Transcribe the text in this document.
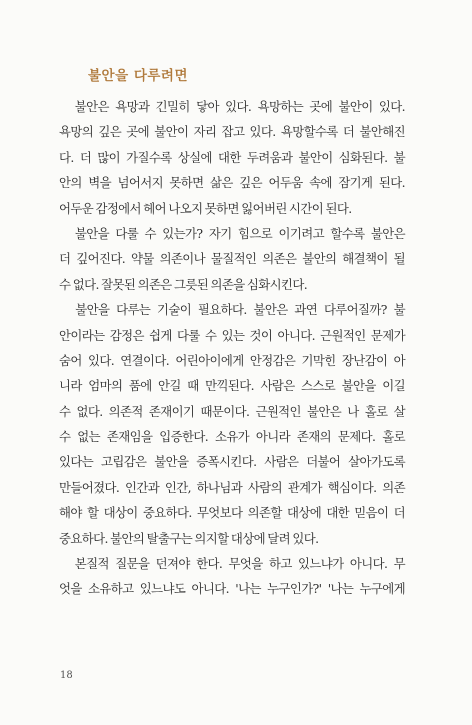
불안을 다루려면
　불안은 욕망과 긴밀히 닿아 있다. 욕망하는 곳에 불안이 있다.
욕망의 깊은 곳에 불안이 자리 잡고 있다. 욕망할수록 더 불안해진
다. 더 많이 가질수록 상실에 대한 두려움과 불안이 심화된다. 불
안의 벽을 넘어서지 못하면 삶은 깊은 어두움 속에 잠기게 된다.
어두운 감정에서 헤어 나오지 못하면 잃어버린 시간이 된다.
　불안을 다룰 수 있는가? 자기 힘으로 이기려고 할수록 불안은
더 깊어진다. 약물 의존이나 물질적인 의존은 불안의 해결책이 될
수 없다. 잘못된 의존은 그릇된 의존을 심화시킨다.
　불안을 다루는 기술이 필요하다. 불안은 과연 다루어질까? 불
안이라는 감정은 쉽게 다룰 수 있는 것이 아니다. 근원적인 문제가
숨어 있다. 연결이다. 어린아이에게 안정감은 기막힌 장난감이 아
니라 엄마의 품에 안길 때 만끽된다. 사람은 스스로 불안을 이길
수 없다. 의존적 존재이기 때문이다. 근원적인 불안은 나 홀로 살
수 없는 존재임을 입증한다. 소유가 아니라 존재의 문제다. 홀로
있다는 고립감은 불안을 증폭시킨다. 사람은 더불어 살아가도록
만들어졌다. 인간과 인간, 하나님과 사람의 관계가 핵심이다. 의존
해야 할 대상이 중요하다. 무엇보다 의존할 대상에 대한 믿음이 더
중요하다. 불안의 탈출구는 의지할 대상에 달려 있다.
　본질적 질문을 던져야 한다. 무엇을 하고 있느냐가 아니다. 무
엇을 소유하고 있느냐도 아니다. '나는 누구인가?' '나는 누구에게
18
